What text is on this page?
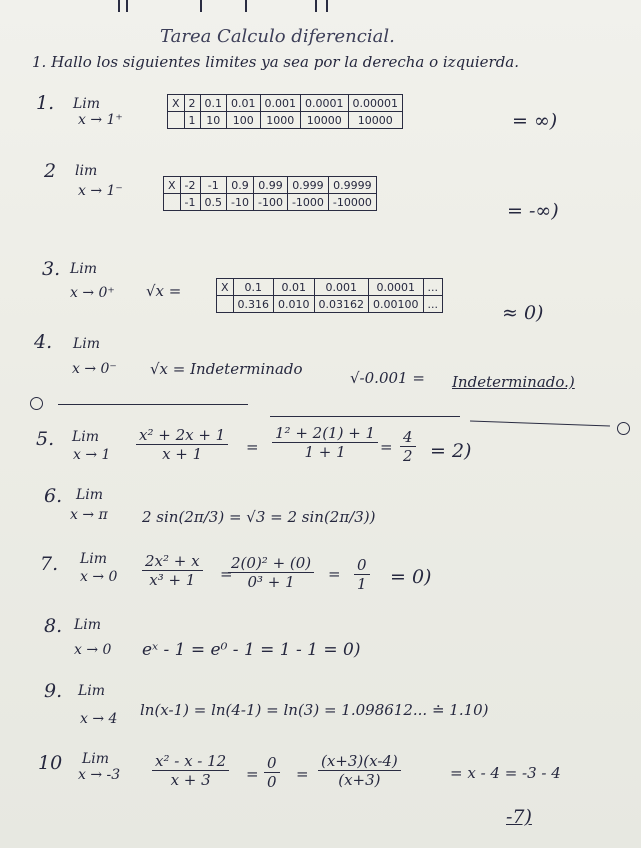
Tarea Calculo diferencial.
1. Hallo los siguientes limites ya sea por la derecha o izquierda.
1. Lim
x → 1⁺
X	2	0.1	0.01	0.001	0.0001	0.00001
	1	10	100	1000	10000	10000	= ∞)
2 lim
x → 1⁻	X	-2	-1	0.9	0.99	0.999	0.9999
	-1	0.5	-10	-100	-1000	-10000	= -∞)
3. Lim
x → 0⁺ √x =	X	0.1	0.01	0.001	0.0001	...
	0.316	0.010	0.03162	0.00100	...	≈ 0)
4. Lim
x → 0⁻ √x = Indeterminado	√-0.001 = Indeterminado.)
5. Lim
$x \to 1 \frac{\text{x² + 2x + 1}}{x + 1} = \frac{\text{1² + 2(1) + 1}}{1 + 1} = \frac{4}{2} = 2$)
6. Lim
x → π 2 sin(2π/3) = √3 = 2 sin(2π/3))
7. Lim
$x \to 0 \frac{\text{2x² + x}}{\text{x³ + 1}}$ =
$\frac{\text{2(0)² + (0)}}{\text{0³ + 1}} = \frac{0}{1} = 0$)
8. Lim
x → 0 eˣ - 1 = e⁰ - 1 = 1 - 1 = 0)
9. Lim
x → 4 ln(x-1) = ln(4-1) = ln(3) = 1.098612... ≐ 1.10)
10 Lim
$x \to -3 \frac{\text{x² - x - 12}}{x + 3} = \frac{0}{0} = \frac{(x+3)(x-4)}{(x+3)}$	= x - 4 = -3 - 4
-7)
